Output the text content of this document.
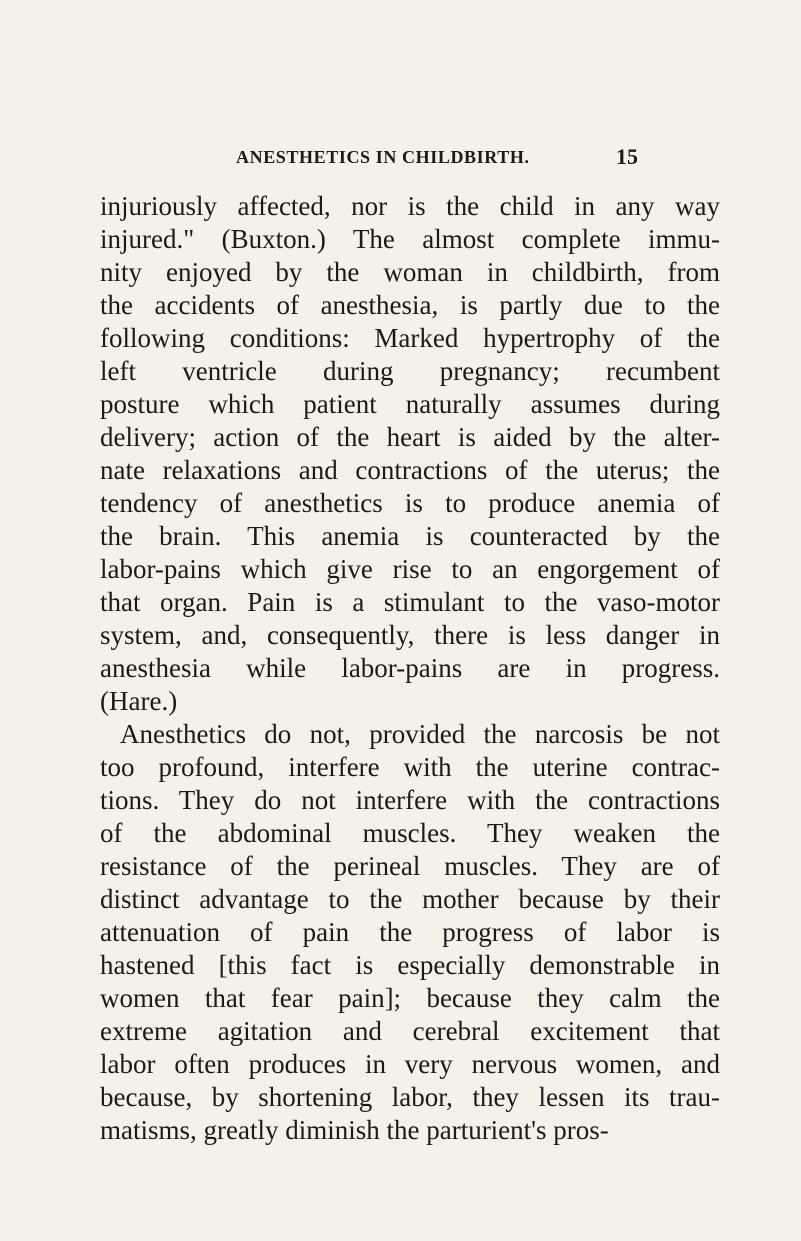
ANESTHETICS IN CHILDBIRTH.	15
injuriously affected, nor is the child in any way
injured." (Buxton.) The almost complete immu-
nity enjoyed by the woman in childbirth, from
the accidents of anesthesia, is partly due to the
following conditions: Marked hypertrophy of the
left ventricle during pregnancy; recumbent
posture which patient naturally assumes during
delivery; action of the heart is aided by the alter-
nate relaxations and contractions of the uterus; the
tendency of anesthetics is to produce anemia of
the brain. This anemia is counteracted by the
labor-pains which give rise to an engorgement of
that organ. Pain is a stimulant to the vaso-motor
system, and, consequently, there is less danger in
anesthesia while labor-pains are in progress.
(Hare.)
Anesthetics do not, provided the narcosis be not
too profound, interfere with the uterine contrac-
tions. They do not interfere with the contractions
of the abdominal muscles. They weaken the
resistance of the perineal muscles. They are of
distinct advantage to the mother because by their
attenuation of pain the progress of labor is
hastened [this fact is especially demonstrable in
women that fear pain]; because they calm the
extreme agitation and cerebral excitement that
labor often produces in very nervous women, and
because, by shortening labor, they lessen its trau-
matisms, greatly diminish the parturient's pros-
